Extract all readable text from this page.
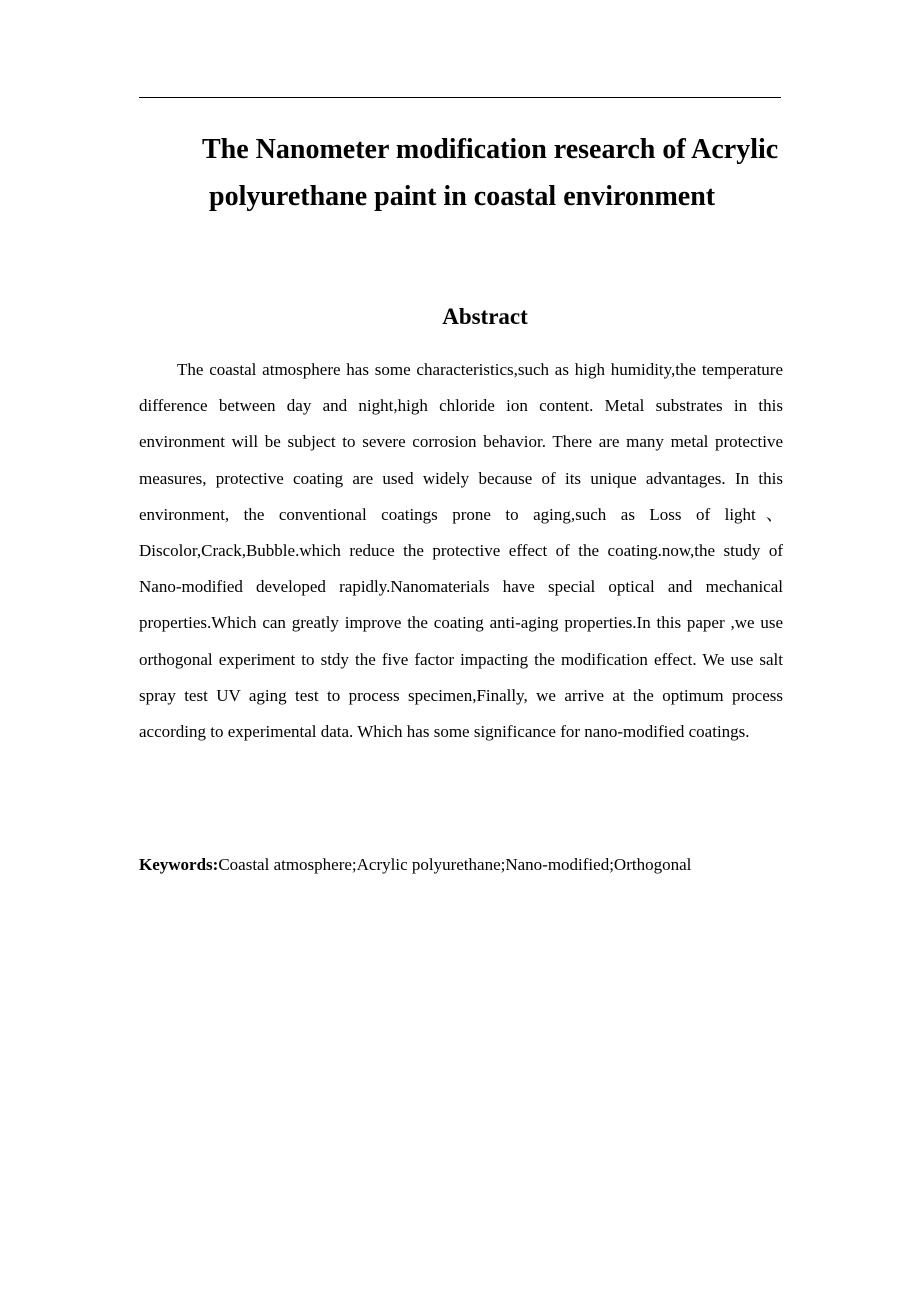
The Nanometer modification research of Acrylic
polyurethane paint in coastal environment
Abstract

The coastal atmosphere has some characteristics,such as high humidity,the temperature difference between day and night,high chloride ion content. Metal substrates in this environment will be subject to severe corrosion behavior. There are many metal protective measures, protective coating are used widely because of its unique advantages. In this environment, the conventional coatings prone to aging,such as Loss of light、 Discolor,Crack,Bubble.which reduce the protective effect of the coating.now,the study of Nano-modified developed rapidly.Nanomaterials have special optical and mechanical properties.Which can greatly improve the coating anti-aging properties.In this paper ,we use orthogonal experiment to stdy the five factor impacting the modification effect. We use salt spray test UV aging test to process specimen,Finally, we arrive at the optimum process according to experimental data. Which has some significance for nano-modified coatings.

Keywords:Coastal atmosphere;Acrylic polyurethane;Nano-modified;Orthogonal
